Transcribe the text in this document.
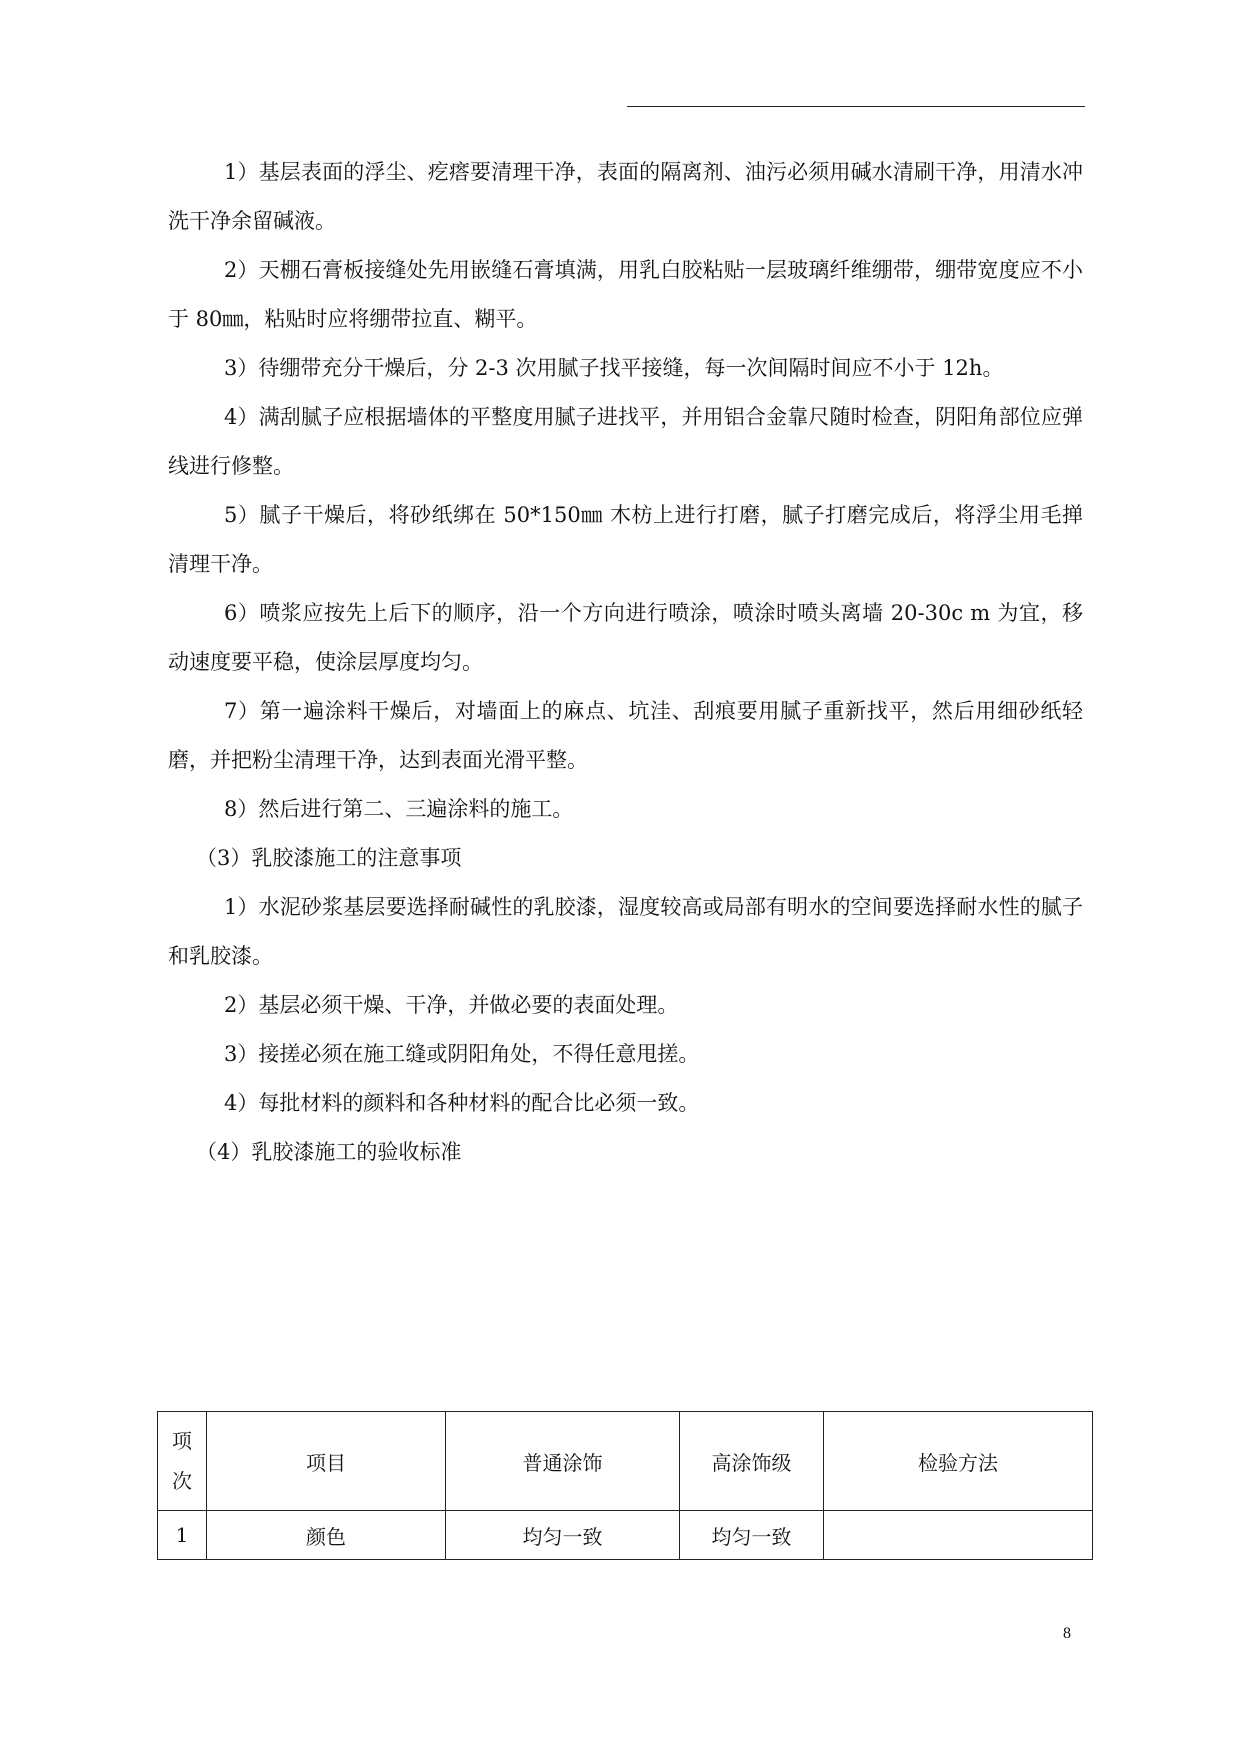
1）基层表面的浮尘、疙瘩要清理干净，表面的隔离剂、油污必须用碱水清刷干净，用清水冲洗干净余留碱液。

2）天棚石膏板接缝处先用嵌缝石膏填满，用乳白胶粘贴一层玻璃纤维绷带，绷带宽度应不小于 80㎜，粘贴时应将绷带拉直、糊平。

3）待绷带充分干燥后，分 2-3 次用腻子找平接缝，每一次间隔时间应不小于 12h。

4）满刮腻子应根据墙体的平整度用腻子进找平，并用铝合金靠尺随时检查，阴阳角部位应弹线进行修整。

5）腻子干燥后，将砂纸绑在 50*150㎜ 木枋上进行打磨，腻子打磨完成后，将浮尘用毛掸清理干净。

6）喷浆应按先上后下的顺序，沿一个方向进行喷涂，喷涂时喷头离墙 20-30c m 为宜，移动速度要平稳，使涂层厚度均匀。

7）第一遍涂料干燥后，对墙面上的麻点、坑洼、刮痕要用腻子重新找平，然后用细砂纸轻磨，并把粉尘清理干净，达到表面光滑平整。

8）然后进行第二、三遍涂料的施工。

（3）乳胶漆施工的注意事项

1）水泥砂浆基层要选择耐碱性的乳胶漆，湿度较高或局部有明水的空间要选择耐水性的腻子和乳胶漆。

2）基层必须干燥、干净，并做必要的表面处理。

3）接搓必须在施工缝或阴阳角处，不得任意甩搓。

4）每批材料的颜料和各种材料的配合比必须一致。

（4）乳胶漆施工的验收标准

项
次	项目	普通涂饰	高涂饰级	检验方法
1	颜色	均匀一致	均匀一致	
8
